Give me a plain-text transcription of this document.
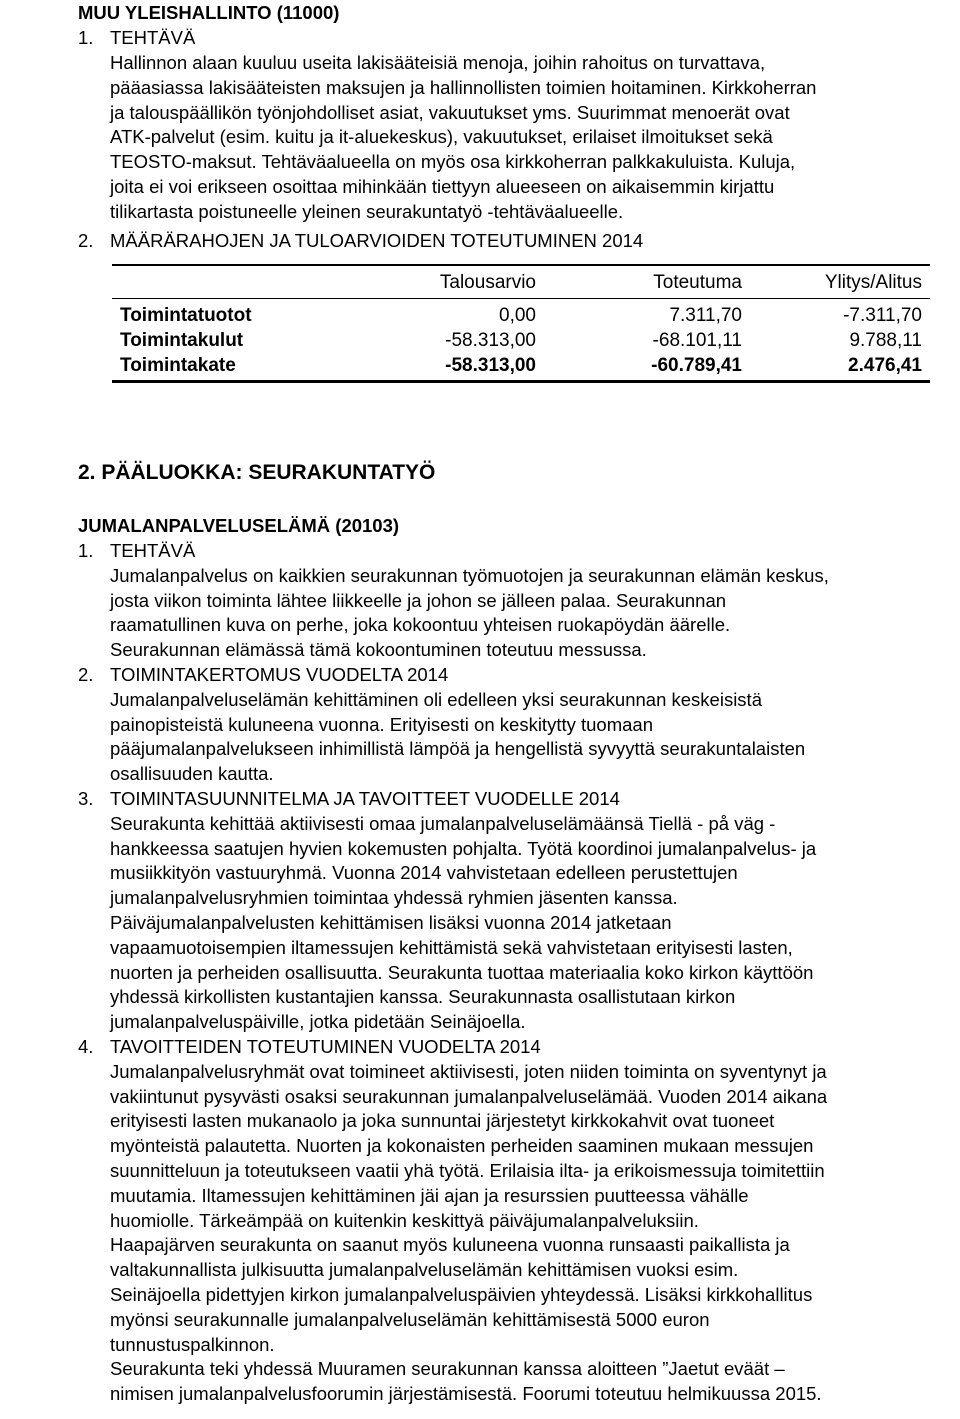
MUU YLEISHALLINTO (11000)
1. TEHTÄVÄ
Hallinnon alaan kuuluu useita lakisääteisiä menoja, joihin rahoitus on turvattava,
pääasiassa lakisääteisten maksujen ja hallinnollisten toimien hoitaminen. Kirkkoherran
ja talouspäällikön työnjohdolliset asiat, vakuutukset yms. Suurimmat menoerät ovat
ATK-palvelut (esim. kuitu ja it-aluekeskus), vakuutukset, erilaiset ilmoitukset sekä
TEOSTO-maksut. Tehtäväalueella on myös osa kirkkoherran palkkakuluista. Kuluja,
joita ei voi erikseen osoittaa mihinkään tiettyyn alueeseen on aikaisemmin kirjattu
tilikartasta poistuneelle yleinen seurakuntatyö -tehtäväalueelle.
2. MÄÄRÄRAHOJEN JA TULOARVIOIDEN TOTEUTUMINEN 2014
	Talousarvio	Toteutuma	Ylitys/Alitus
Toimintatuotot	0,00	7.311,70	-7.311,70
Toimintakulut	-58.313,00	-68.101,11	9.788,11
Toimintakate	-58.313,00	-60.789,41	2.476,41
2. PÄÄLUOKKA: SEURAKUNTATYÖ
JUMALANPALVELUSELÄMÄ (20103)
1. TEHTÄVÄ
Jumalanpalvelus on kaikkien seurakunnan työmuotojen ja seurakunnan elämän keskus,
josta viikon toiminta lähtee liikkeelle ja johon se jälleen palaa. Seurakunnan
raamatullinen kuva on perhe, joka kokoontuu yhteisen ruokapöydän äärelle.
Seurakunnan elämässä tämä kokoontuminen toteutuu messussa.
2. TOIMINTAKERTOMUS VUODELTA 2014
Jumalanpalveluselämän kehittäminen oli edelleen yksi seurakunnan keskeisistä
painopisteistä kuluneena vuonna. Erityisesti on keskitytty tuomaan
pääjumalanpalvelukseen inhimillistä lämpöä ja hengellistä syvyyttä seurakuntalaisten
osallisuuden kautta.
3. TOIMINTASUUNNITELMA JA TAVOITTEET VUODELLE 2014
Seurakunta kehittää aktiivisesti omaa jumalanpalveluselämäänsä Tiellä - på väg -
hankkeessa saatujen hyvien kokemusten pohjalta. Työtä koordinoi jumalanpalvelus- ja
musiikkityön vastuuryhmä. Vuonna 2014 vahvistetaan edelleen perustettujen
jumalanpalvelusryhmien toimintaa yhdessä ryhmien jäsenten kanssa.
Päiväjumalanpalvelusten kehittämisen lisäksi vuonna 2014 jatketaan
vapaamuotoisempien iltamessujen kehittämistä sekä vahvistetaan erityisesti lasten,
nuorten ja perheiden osallisuutta. Seurakunta tuottaa materiaalia koko kirkon käyttöön
yhdessä kirkollisten kustantajien kanssa. Seurakunnasta osallistutaan kirkon
jumalanpalveluspäiville, jotka pidetään Seinäjoella.
4. TAVOITTEIDEN TOTEUTUMINEN VUODELTA 2014
Jumalanpalvelusryhmät ovat toimineet aktiivisesti, joten niiden toiminta on syventynyt ja
vakiintunut pysyvästi osaksi seurakunnan jumalanpalveluselämää. Vuoden 2014 aikana
erityisesti lasten mukanaolo ja joka sunnuntai järjestetyt kirkkokahvit ovat tuoneet
myönteistä palautetta. Nuorten ja kokonaisten perheiden saaminen mukaan messujen
suunnitteluun ja toteutukseen vaatii yhä työtä. Erilaisia ilta- ja erikoismessuja toimitettiin
muutamia. Iltamessujen kehittäminen jäi ajan ja resurssien puutteessa vähälle
huomiolle. Tärkeämpää on kuitenkin keskittyä päiväjumalanpalveluksiin.
Haapajärven seurakunta on saanut myös kuluneena vuonna runsaasti paikallista ja
valtakunnallista julkisuutta jumalanpalveluselämän kehittämisen vuoksi esim.
Seinäjoella pidettyjen kirkon jumalanpalveluspäivien yhteydessä. Lisäksi kirkkohallitus
myönsi seurakunnalle jumalanpalveluselämän kehittämisestä 5000 euron
tunnustuspalkinnon.
Seurakunta teki yhdessä Muuramen seurakunnan kanssa aloitteen ”Jaetut eväät –
nimisen jumalanpalvelusfoorumin järjestämisestä. Foorumi toteutuu helmikuussa 2015.
